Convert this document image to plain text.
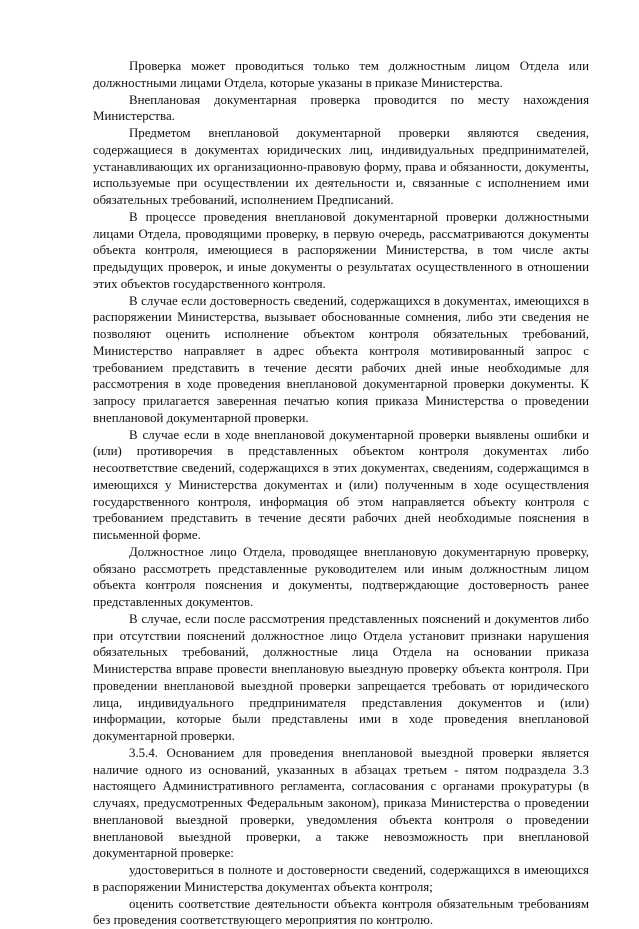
Проверка может проводиться только тем должностным лицом Отдела или должностными лицами Отдела, которые указаны в приказе Министерства.

Внеплановая документарная проверка проводится по месту нахождения Министерства.

Предметом внеплановой документарной проверки являются сведения, содержащиеся в документах юридических лиц, индивидуальных предпринимателей, устанавливающих их организационно-правовую форму, права и обязанности, документы, используемые при осуществлении их деятельности и, связанные с исполнением ими обязательных требований, исполнением Предписаний.

В процессе проведения внеплановой документарной проверки должностными лицами Отдела, проводящими проверку, в первую очередь, рассматриваются документы объекта контроля, имеющиеся в распоряжении Министерства, в том числе акты предыдущих проверок, и иные документы о результатах осуществленного в отношении этих объектов государственного контроля.

В случае если достоверность сведений, содержащихся в документах, имеющихся в распоряжении Министерства, вызывает обоснованные сомнения, либо эти сведения не позволяют оценить исполнение объектом контроля обязательных требований, Министерство направляет в адрес объекта контроля мотивированный запрос с требованием представить в течение десяти рабочих дней иные необходимые для рассмотрения в ходе проведения внеплановой документарной проверки документы. К запросу прилагается заверенная печатью копия приказа Министерства о проведении внеплановой документарной проверки.

В случае если в ходе внеплановой документарной проверки выявлены ошибки и (или) противоречия в представленных объектом контроля документах либо несоответствие сведений, содержащихся в этих документах, сведениям, содержащимся в имеющихся у Министерства документах и (или) полученным в ходе осуществления государственного контроля, информация об этом направляется объекту контроля с требованием представить в течение десяти рабочих дней необходимые пояснения в письменной форме.

Должностное лицо Отдела, проводящее внеплановую документарную проверку, обязано рассмотреть представленные руководителем или иным должностным лицом объекта контроля пояснения и документы, подтверждающие достоверность ранее представленных документов.

В случае, если после рассмотрения представленных пояснений и документов либо при отсутствии пояснений должностное лицо Отдела установит признаки нарушения обязательных требований, должностные лица Отдела на основании приказа Министерства вправе провести внеплановую выездную проверку объекта контроля. При проведении внеплановой выездной проверки запрещается требовать от юридического лица, индивидуального предпринимателя представления документов и (или) информации, которые были представлены ими в ходе проведения внеплановой документарной проверки.

3.5.4. Основанием для проведения внеплановой выездной проверки является наличие одного из оснований, указанных в абзацах третьем - пятом подраздела 3.3 настоящего Административного регламента, согласования с органами прокуратуры (в случаях, предусмотренных Федеральным законом), приказа Министерства о проведении внеплановой выездной проверки, уведомления объекта контроля о проведении внеплановой выездной проверки, а также невозможность при внеплановой документарной проверке:

удостовериться в полноте и достоверности сведений, содержащихся в имеющихся в распоряжении Министерства документах объекта контроля;

оценить соответствие деятельности объекта контроля обязательным требованиям без проведения соответствующего мероприятия по контролю.
